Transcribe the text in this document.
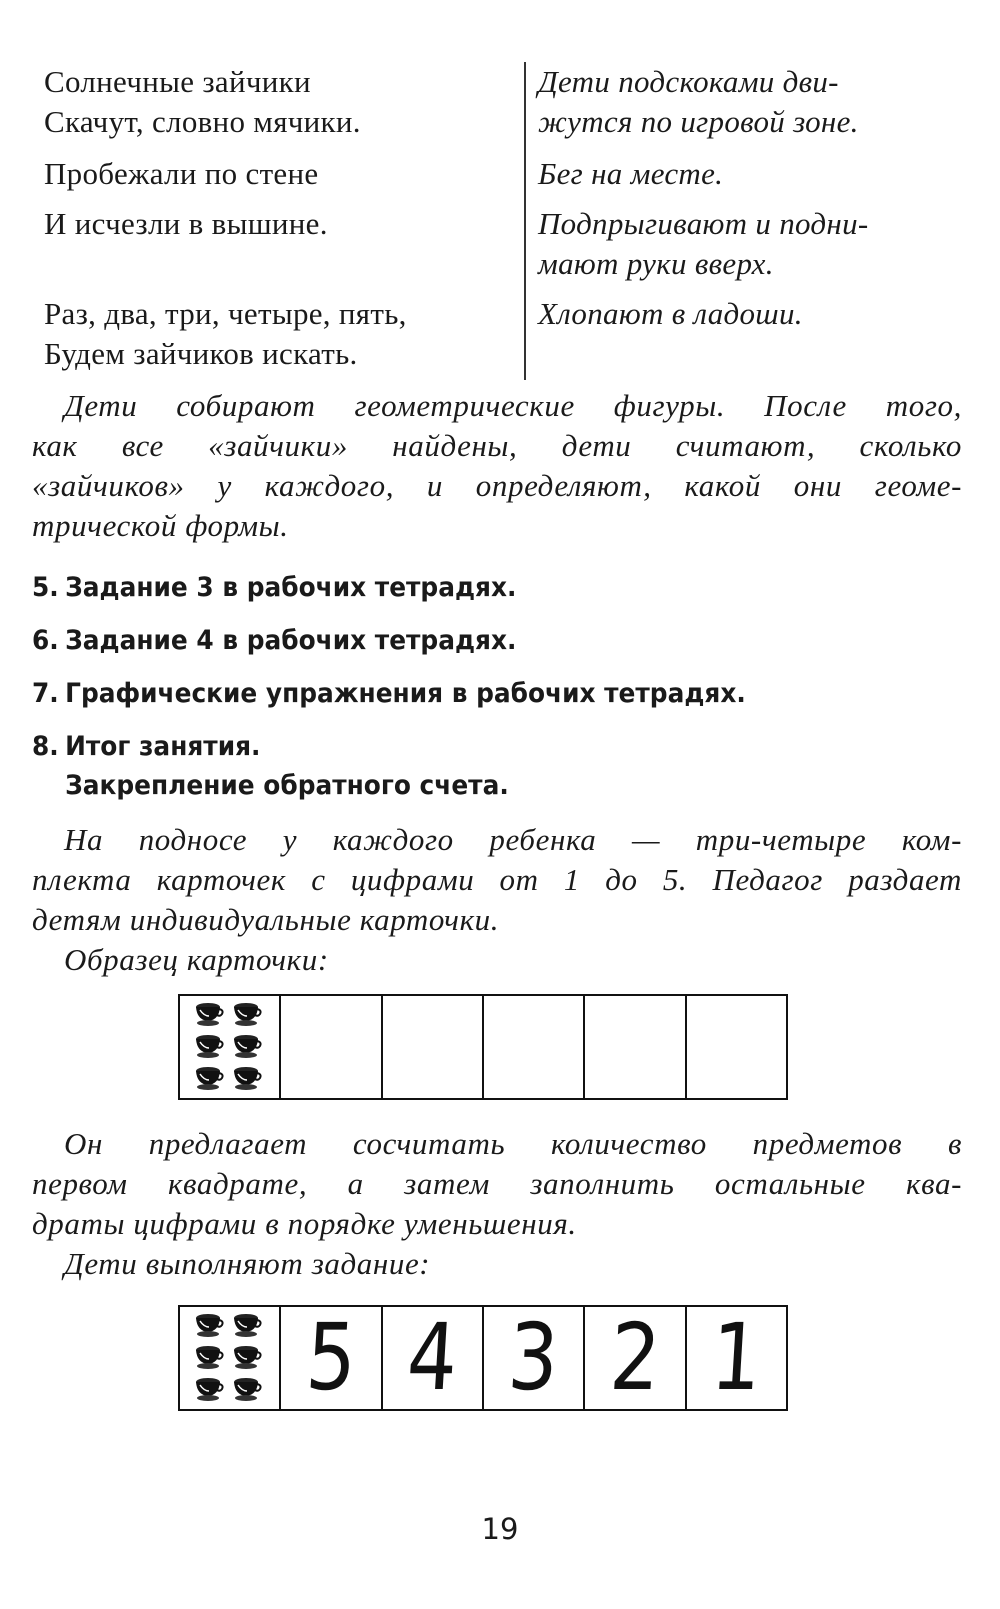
Солнечные зайчики
Скачут, словно мячики.
Дети подскоками дви-
жутся по игровой зоне.
Пробежали по стене	Бег на месте.
И исчезли в вышине.	Подпрыгивают и подни-
мают руки вверх.
Раз, два, три, четыре, пять,
Будем зайчиков искать.
Хлопают в ладоши.
Дети собирают геометрические фигуры. После того,
как все «зайчики» найдены, дети считают, сколько
«зайчиков» у каждого, и определяют, какой они геоме-
трической формы.
5. Задание 3 в рабочих тетрадях.
6. Задание 4 в рабочих тетрадях.
7. Графические упражнения в рабочих тетрадях.
8. Итог занятия.
Закрепление обратного счета.
На подносе у каждого ребенка — три-четыре ком-
плекта карточек с цифрами от 1 до 5. Педагог раздает
детям индивидуальные карточки.
Образец карточки:
Он предлагает сосчитать количество предметов в
первом квадрате, а затем заполнить остальные ква-
драты цифрами в порядке уменьшения.
Дети выполняют задание:
5 4 3 2 1
19
